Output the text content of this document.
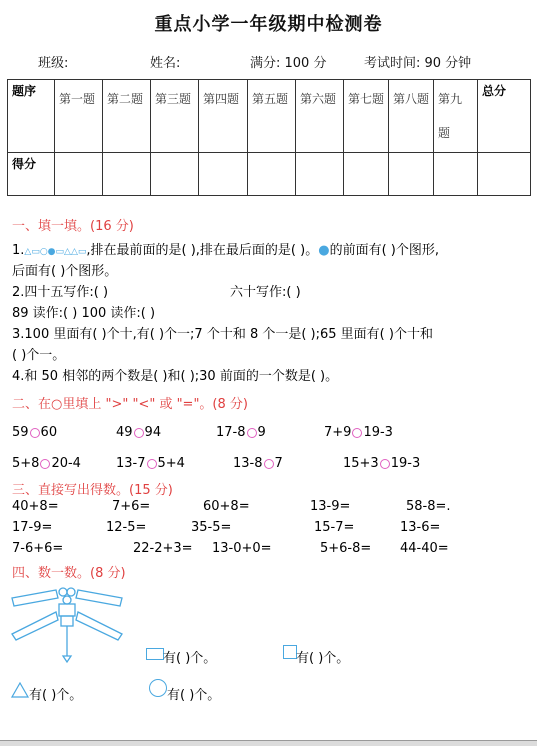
重点小学一年级期中检测卷
班级:	姓名:	满分: 100 分	考试时间: 90 分钟
题序	第一题	第二题	第三题	第四题	第五题	第六题	第七题	第八题	第九题	总分
得分										
一、填一填。(16 分)
1.△▭○●▭△△▭,排在最前面的是( ),排在最后面的是( )。●的前面有( )个图形,
后面有( )个图形。
2.四十五写作:( )	六十写作:( )
89 读作:( ) 100 读作:( )
3.100 里面有( )个十,有( )个一;7 个十和 8 个一是( );65 里面有( )个十和
( )个一。
4.和 50 相邻的两个数是( )和( );30 前面的一个数是( )。
二、在○里填上 ">" "<" 或 "="。(8 分)
59 60	49 94	17-8 9	7+9 19-3
5+8 20-4	13-7 5+4	13-8 7	15+3 19-3
三、直接写出得数。(15 分)
40+8=	7+6=	60+8=	13-9=	58-8=.
17-9=	12-5=	35-5=	15-7=	13-6=
7-6+6=	22-2+3= 13-0+0=	5+6-8= 44-40=
四、数一数。(8 分)
有( )个。	有( )个。
有( )个。	有( )个。
